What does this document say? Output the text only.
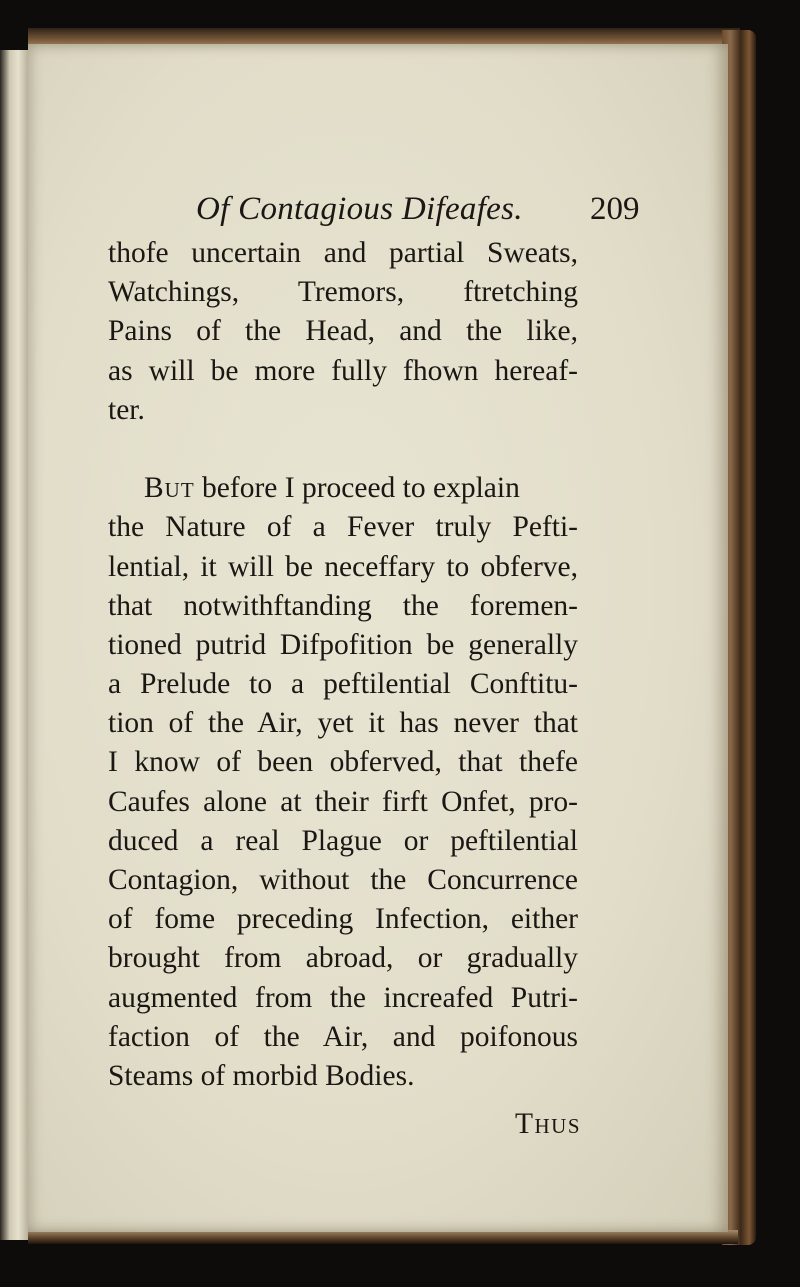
Of Contagious Difeafes. 209
thofe uncertain and partial Sweats,
Watchings, Tremors, ftretching
Pains of the Head, and the like,
as will be more fully fhown hereaf-
ter.
But before I proceed to explain
the Nature of a Fever truly Pefti-
lential, it will be neceffary to obferve,
that notwithftanding the foremen-
tioned putrid Difpofition be generally
a Prelude to a peftilential Conftitu-
tion of the Air, yet it has never that
I know of been obferved, that thefe
Caufes alone at their firft Onfet, pro-
duced a real Plague or peftilential
Contagion, without the Concurrence
of fome preceding Infection, either
brought from abroad, or gradually
augmented from the increafed Putri-
faction of the Air, and poifonous
Steams of morbid Bodies.
Thus
